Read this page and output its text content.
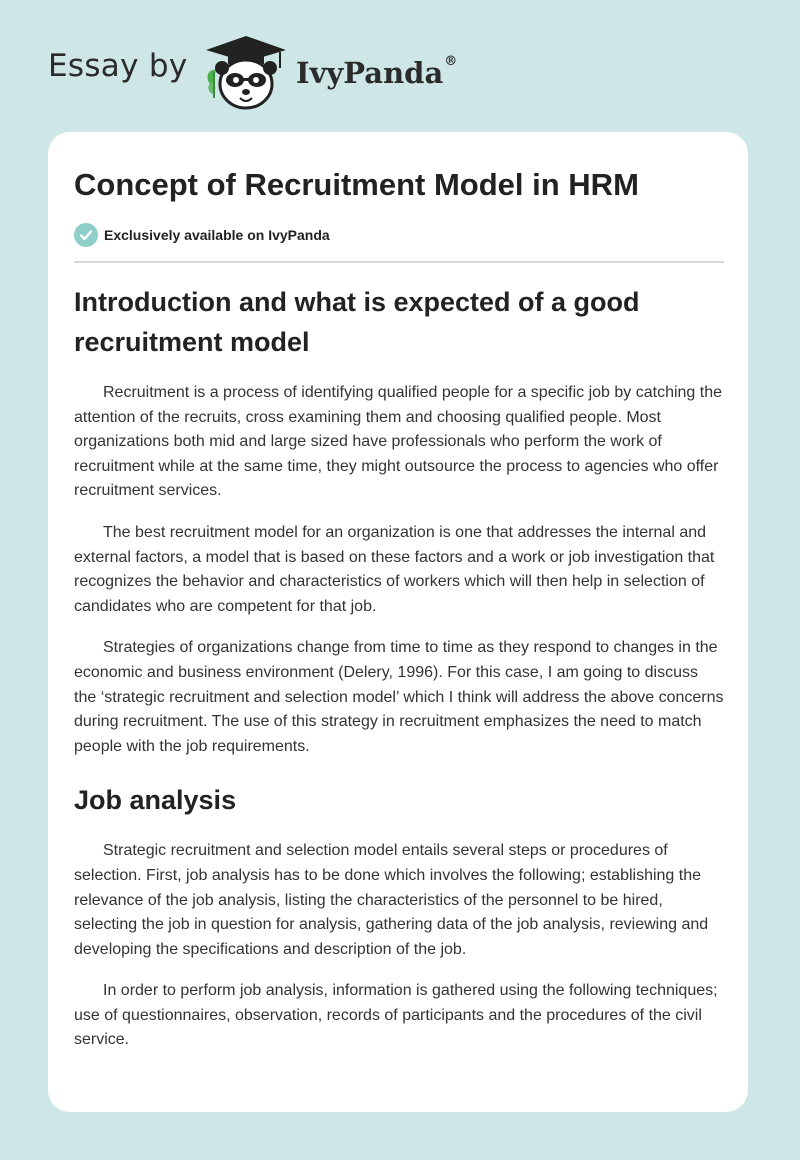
Essay by	IvyPanda®
Concept of Recruitment Model in HRM
Exclusively available on IvyPanda
Introduction and what is expected of a good recruitment model

Recruitment is a process of identifying qualified people for a specific job by catching the attention of the recruits, cross examining them and choosing qualified people. Most organizations both mid and large sized have professionals who perform the work of recruitment while at the same time, they might outsource the process to agencies who offer recruitment services.

The best recruitment model for an organization is one that addresses the internal and external factors, a model that is based on these factors and a work or job investigation that recognizes the behavior and characteristics of workers which will then help in selection of candidates who are competent for that job.

Strategies of organizations change from time to time as they respond to changes in the economic and business environment (Delery, 1996). For this case, I am going to discuss the ‘strategic recruitment and selection model’ which I think will address the above concerns during recruitment. The use of this strategy in recruitment emphasizes the need to match people with the job requirements.

Job analysis

Strategic recruitment and selection model entails several steps or procedures of selection. First, job analysis has to be done which involves the following; establishing the relevance of the job analysis, listing the characteristics of the personnel to be hired, selecting the job in question for analysis, gathering data of the job analysis, reviewing and developing the specifications and description of the job.

In order to perform job analysis, information is gathered using the following techniques; use of questionnaires, observation, records of participants and the procedures of the civil service.
